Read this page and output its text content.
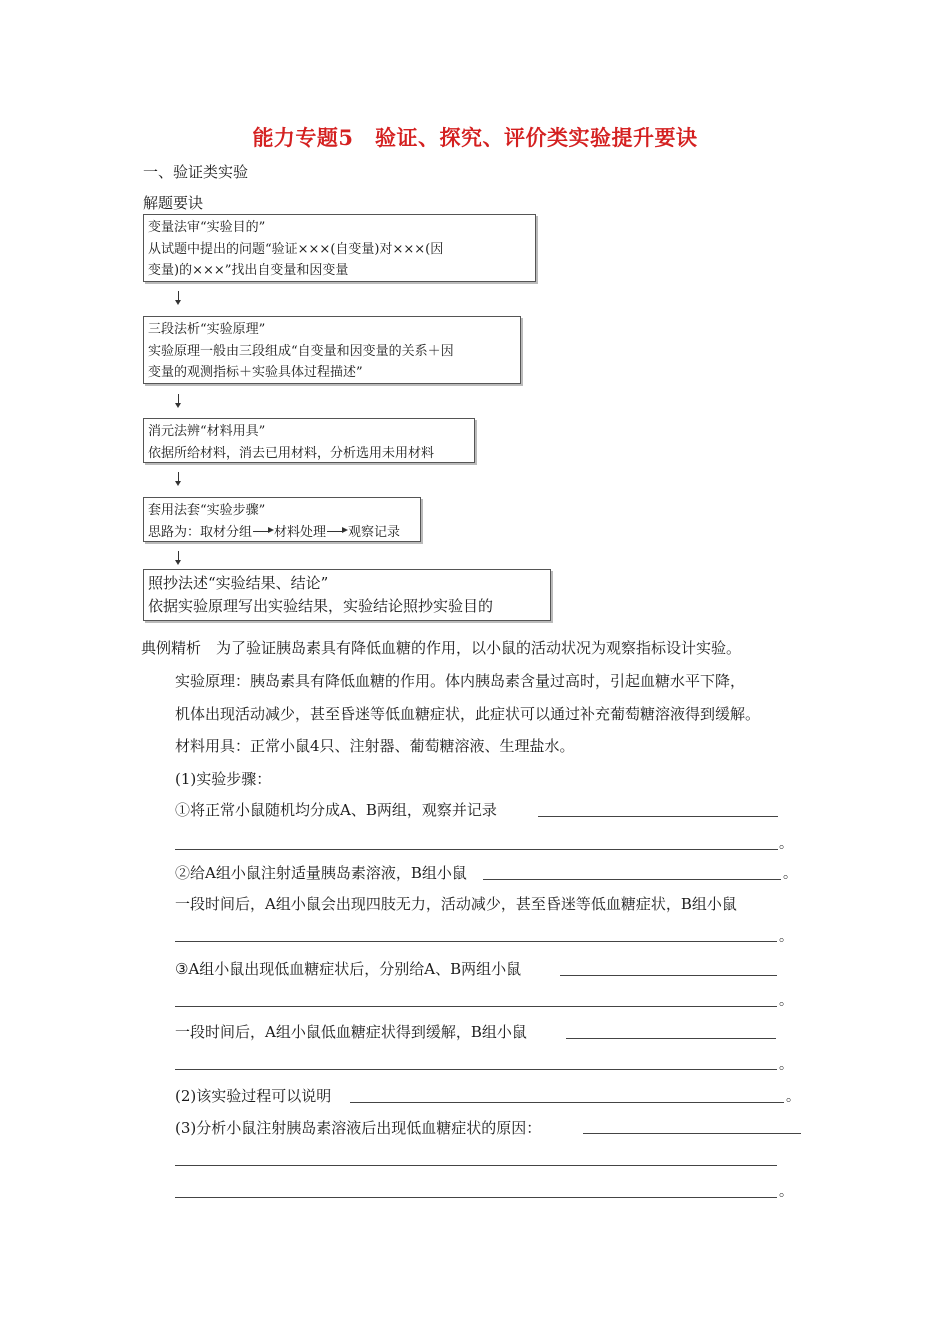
能力专题5　验证、探究、评价类实验提升要诀
一、验证类实验
解题要诀
变量法审“实验目的”
从试题中提出的问题“验证×××(自变量)对×××(因
变量)的×××”找出自变量和因变量
三段法析“实验原理”
实验原理一般由三段组成“自变量和因变量的关系＋因
变量的观测指标＋实验具体过程描述”
消元法辨“材料用具”
依据所给材料，消去已用材料，分析选用未用材料
套用法套“实验步骤”
思路为：取材分组 材料处理 观察记录
照抄法述“实验结果、结论”
依据实验原理写出实验结果，实验结论照抄实验目的
典例精析　为了验证胰岛素具有降低血糖的作用，以小鼠的活动状况为观察指标设计实验。
实验原理：胰岛素具有降低血糖的作用。体内胰岛素含量过高时，引起血糖水平下降，
机体出现活动减少，甚至昏迷等低血糖症状，此症状可以通过补充葡萄糖溶液得到缓解。
材料用具：正常小鼠4只、注射器、葡萄糖溶液、生理盐水。
(1)实验步骤：
①将正常小鼠随机均分成A、B两组，观察并记录
。
②给A组小鼠注射适量胰岛素溶液，B组小鼠	。
一段时间后，A组小鼠会出现四肢无力，活动减少，甚至昏迷等低血糖症状，B组小鼠
。
③A组小鼠出现低血糖症状后，分别给A、B两组小鼠
。
一段时间后，A组小鼠低血糖症状得到缓解，B组小鼠
。
(2)该实验过程可以说明	。
(3)分析小鼠注射胰岛素溶液后出现低血糖症状的原因：
。
